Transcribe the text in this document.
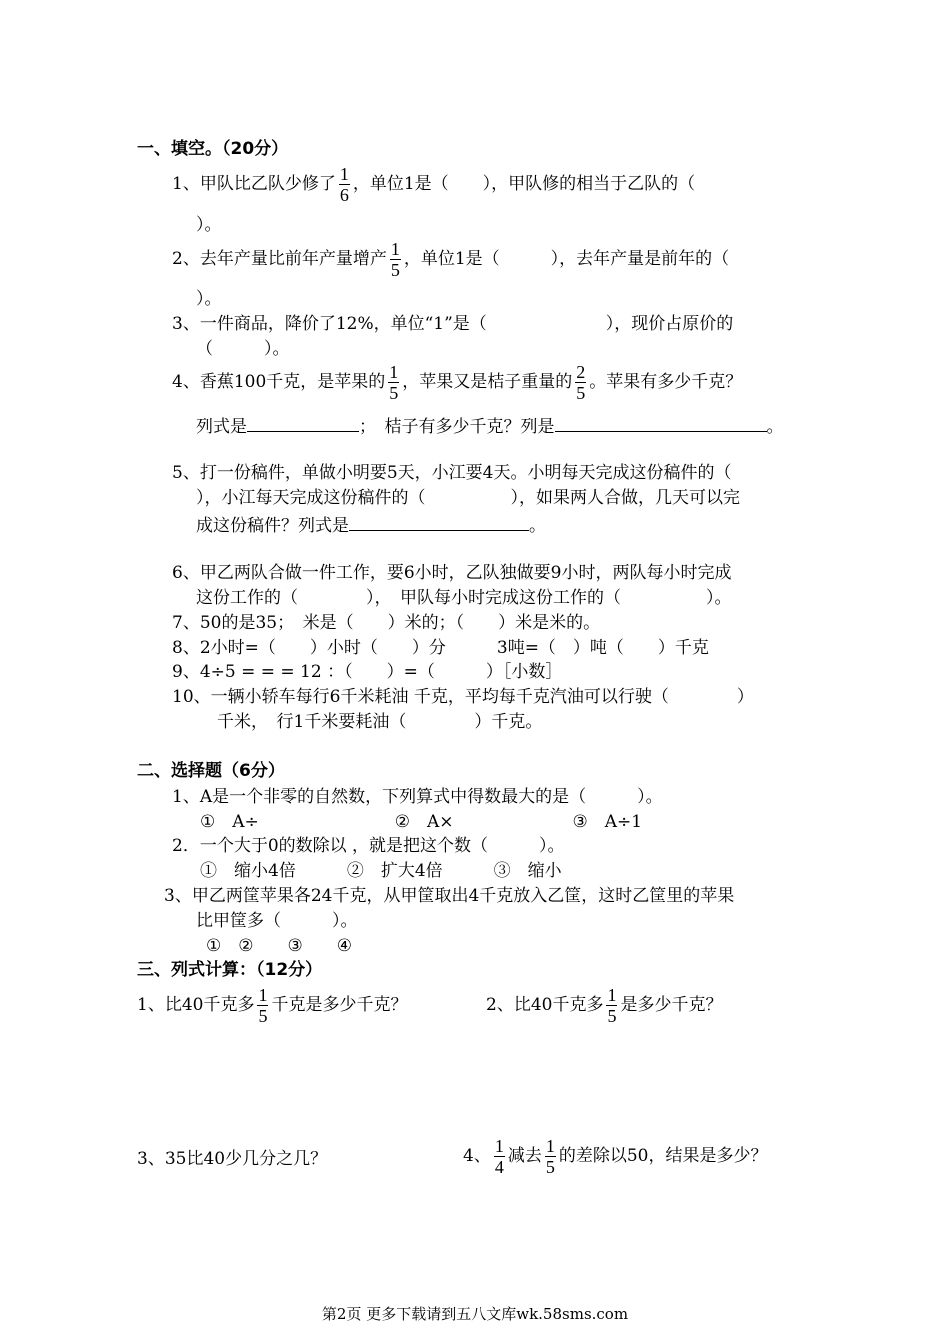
一、填空。（20分）
1、甲队比乙队少修了 $\frac{1}{6}$ ，单位1是（　　），甲队修的相当于乙队的（
）。
2、去年产量比前年产量增产 $\frac{1}{5}$ ，单位1是（　　　），去年产量是前年的（
）。
3、一件商品，降价了12%，单位“1”是（　　　　　　　），现价占原价的
（　　　）。
4、香蕉100千克，是苹果的 $\frac{1}{5}$ ，苹果又是桔子重量的 $\frac{2}{5}$ 。苹果有多少千克？
列式是	；　桔子有多少千克？列是	。
5、打一份稿件，单做小明要5天，小江要4天。小明每天完成这份稿件的（
），小江每天完成这份稿件的（　　　　　），如果两人合做，几天可以完
成这份稿件？列式是	。
6、甲乙两队合做一件工作，要6小时，乙队独做要9小时，两队每小时完成
这份工作的（　　　　），　甲队每小时完成这份工作的（　　　　　）。
7、50的是35；　米是（　　）米的；（　　）米是米的。
8、2小时=（　　）小时（　　）分　　　3吨=（　）吨（　　）千克
9、4÷5 = = = 12 ：（　　）=（　　　）［小数］
10、一辆小轿车每行6千米耗油 千克，平均每千克汽油可以行驶（　　　　）
千米，　行1千米要耗油（　　　　）千克。
二、选择题（6分）
1、A是一个非零的自然数，下列算式中得数最大的是（　　　）。
①　A÷　　　　　　　　②　A×　　　　　　　③　A÷1
2．一个大于0的数除以 ，就是把这个数（　　　）。
①　缩小4倍　　　②　扩大4倍　　　③　缩小
3、甲乙两筐苹果各24千克，从甲筐取出4千克放入乙筐，这时乙筐里的苹果
比甲筐多（　　　）。
①　②　　③　　④
三、列式计算：（12分）
1、比40千克多 $\frac{1}{5}$ 千克是多少千克？	2、比40千克多 $\frac{1}{5}$ 是多少千克？
3、35比40少几分之几？	4、 $\frac{1}{4}$ 减去 $\frac{1}{5}$ 的差除以50，结果是多少？
第2页 更多下载请到五八文库wk.58sms.com
